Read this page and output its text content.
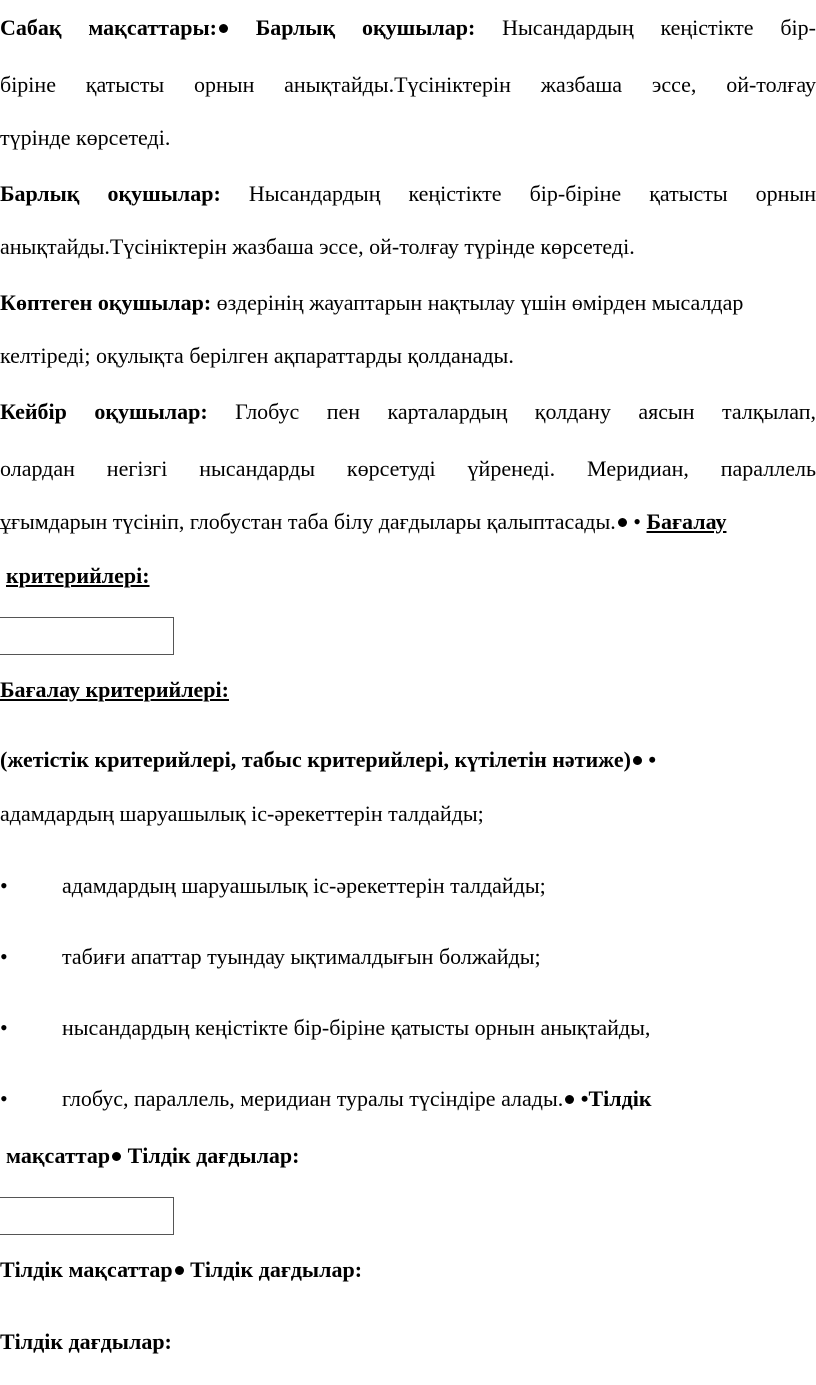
Сабақ мақсаттары: Барлық оқушылар: Нысандардың кеңістікте бір-
біріне қатысты орнын анықтайды.Түсініктерін жазбаша эссе, ой-толғау
түрінде көрсетеді.
Барлық оқушылар: Нысандардың кеңістікте бір-біріне қатысты орнын
анықтайды.Түсініктерін жазбаша эссе, ой-толғау түрінде көрсетеді.
Көптеген оқушылар: өздерінің жауаптарын нақтылау үшін өмірден мысалдар
келтіреді; оқулықта берілген ақпараттарды қолданады.
Кейбір оқушылар: Глобус пен карталардың қолдану аясын талқылап,
олардан негізгі нысандарды көрсетуді үйренеді. Меридиан, параллель
ұғымдарын түсініп, глобустан таба білу дағдылары қалыптасады. • Бағалау
критерийлері:
Бағалау критерийлері:
(жетістік критерийлері, табыс критерийлері, күтілетін нәтиже) •
адамдардың шаруашылық іс-әрекеттерін талдайды;
• адамдардың шаруашылық іс-әрекеттерін талдайды;
• табиғи апаттар туындау ықтималдығын болжайды;
• нысандардың кеңістікте бір-біріне қатысты орнын анықтайды,
• глобус, параллель, меридиан туралы түсіндіре алады. •Тілдік
мақсаттар Тілдік дағдылар:
Тілдік мақсаттар Тілдік дағдылар:
Тілдік дағдылар:
